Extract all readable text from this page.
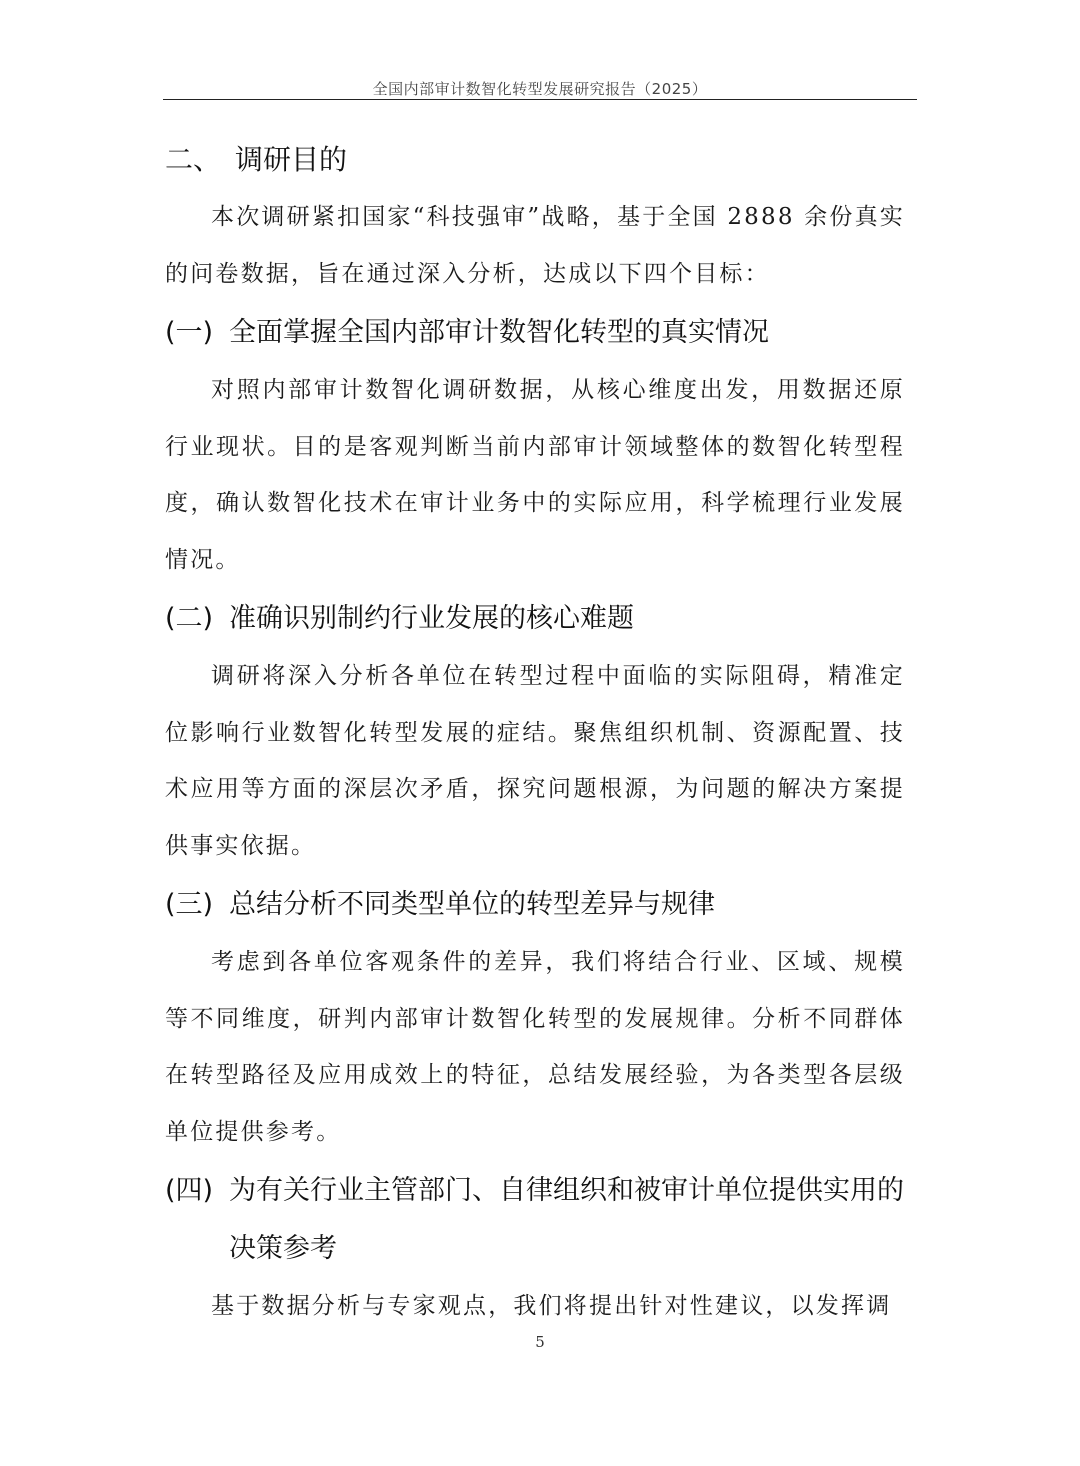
全国内部审计数智化转型发展研究报告（2025）
二、 调研目的

本次调研紧扣国家“科技强审”战略，基于全国 2888 余份真实的问卷数据，旨在通过深入分析，达成以下四个目标：

(一) 全面掌握全国内部审计数智化转型的真实情况

对照内部审计数智化调研数据，从核心维度出发，用数据还原行业现状。目的是客观判断当前内部审计领域整体的数智化转型程度，确认数智化技术在审计业务中的实际应用，科学梳理行业发展情况。

(二) 准确识别制约行业发展的核心难题

调研将深入分析各单位在转型过程中面临的实际阻碍，精准定位影响行业数智化转型发展的症结。聚焦组织机制、资源配置、技术应用等方面的深层次矛盾，探究问题根源，为问题的解决方案提供事实依据。

(三) 总结分析不同类型单位的转型差异与规律

考虑到各单位客观条件的差异，我们将结合行业、区域、规模等不同维度，研判内部审计数智化转型的发展规律。分析不同群体在转型路径及应用成效上的特征，总结发展经验，为各类型各层级单位提供参考。

(四) 为有关行业主管部门、自律组织和被审计单位提供实用的决策参考

基于数据分析与专家观点，我们将提出针对性建议，以发挥调

5
